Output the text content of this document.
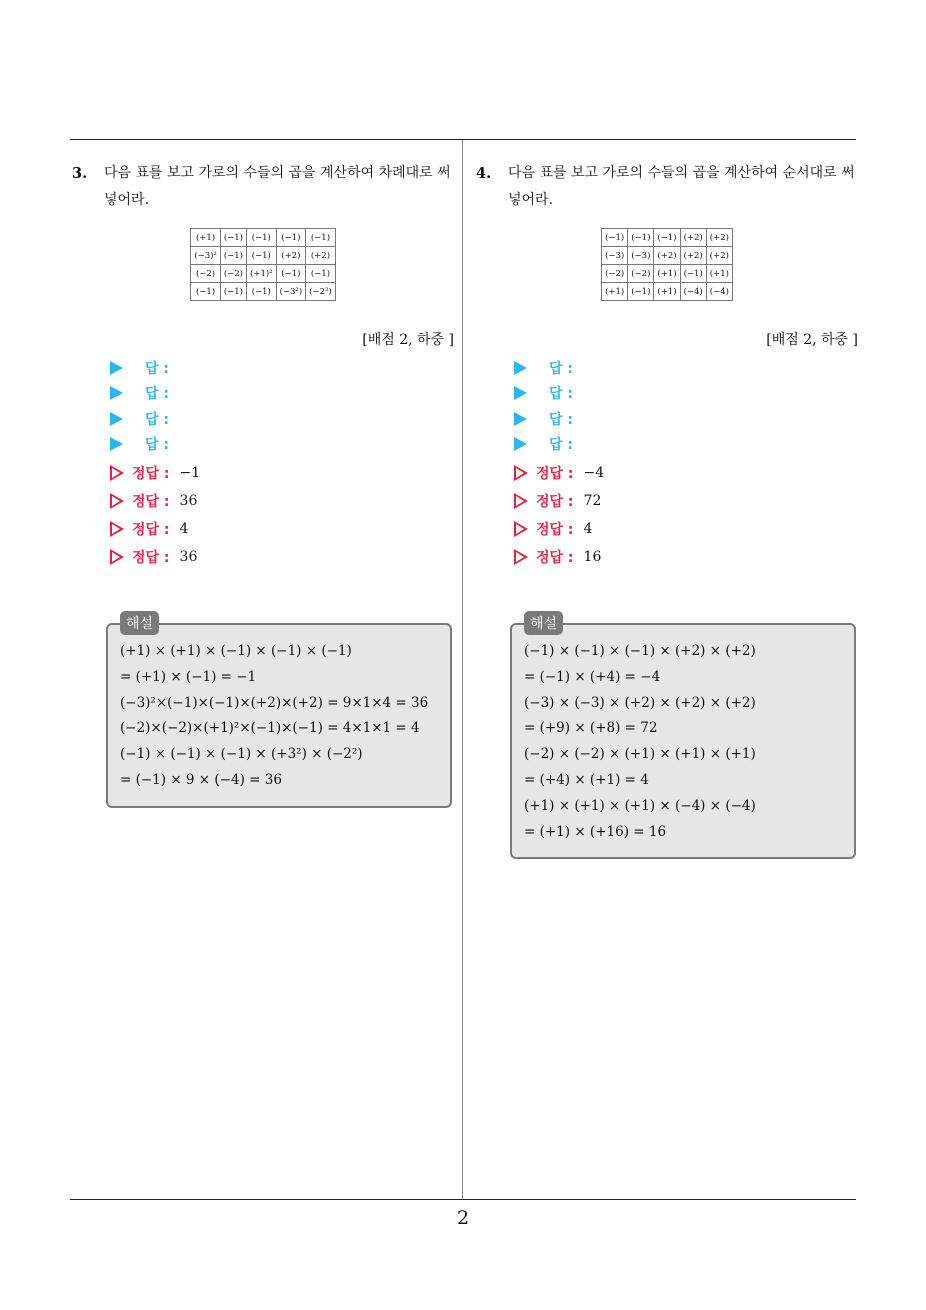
3.	다음 표를 보고 가로의 수들의 곱을 계산하여 차례대로 써넣어라.
(+1)	(−1)	(−1)	(−1)	(−1)
(−3)²	(−1)	(−1)	(+2)	(+2)
(−2)	(−2)	(+1)²	(−1)	(−1)
(−1)	(−1)	(−1)	(−3²)	(−2²)
[배점 2, 하중 ]
답 :
답 :
답 :
답 :
정답 : −1
정답 : 36
정답 : 4
정답 : 36
해설
(+1) × (+1) × (−1) × (−1) × (−1)
= (+1) × (−1) = −1
(−3)²×(−1)×(−1)×(+2)×(+2) = 9×1×4 = 36
(−2)×(−2)×(+1)²×(−1)×(−1) = 4×1×1 = 4
(−1) × (−1) × (−1) × (+3²) × (−2²)
= (−1) × 9 × (−4) = 36
4.	다음 표를 보고 가로의 수들의 곱을 계산하여 순서대로 써넣어라.
(−1)	(−1)	(−1)	(+2)	(+2)
(−3)	(−3)	(+2)	(+2)	(+2)
(−2)	(−2)	(+1)	(−1)	(+1)
(+1)	(−1)	(+1)	(−4)	(−4)
[배점 2, 하중 ]
답 :
답 :
답 :
답 :
정답 : −4
정답 : 72
정답 : 4
정답 : 16
해설
(−1) × (−1) × (−1) × (+2) × (+2)
= (−1) × (+4) = −4
(−3) × (−3) × (+2) × (+2) × (+2)
= (+9) × (+8) = 72
(−2) × (−2) × (+1) × (+1) × (+1)
= (+4) × (+1) = 4
(+1) × (+1) × (+1) × (−4) × (−4)
= (+1) × (+16) = 16
2
